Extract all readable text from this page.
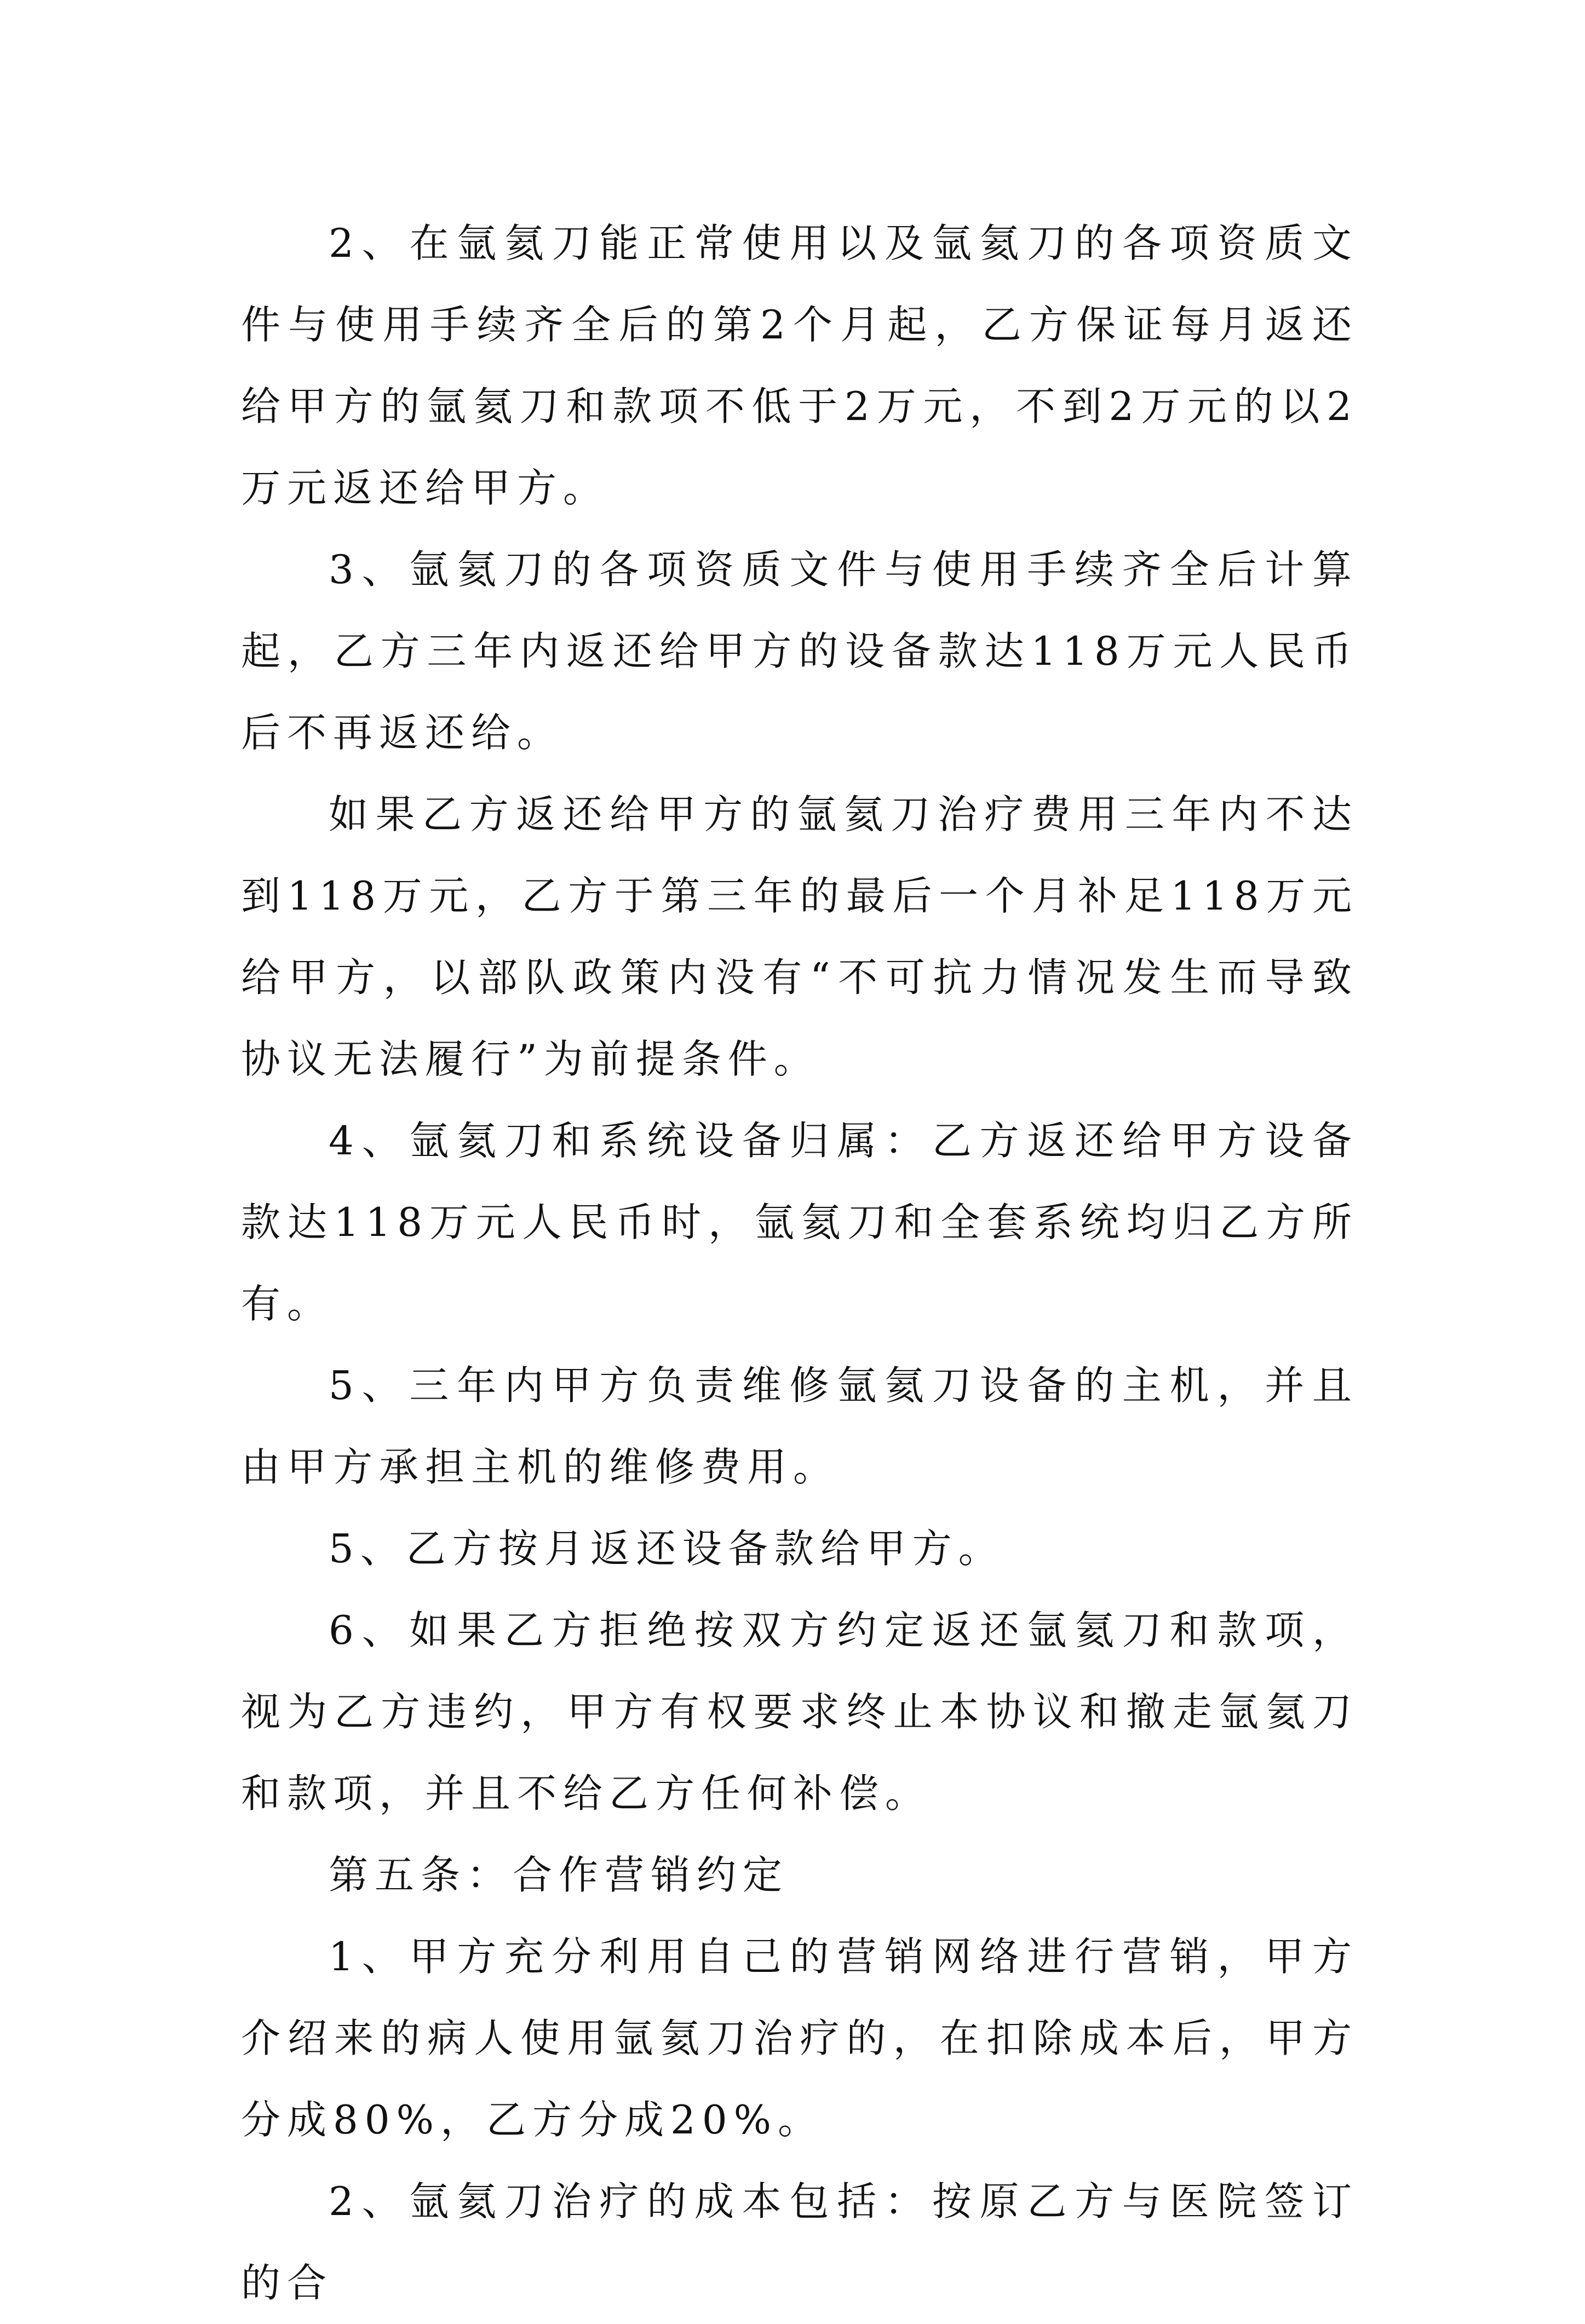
2、在氩氦刀能正常使用以及氩氦刀的各项资质文件与使用手续齐全后的第2个月起，乙方保证每月返还给甲方的氩氦刀和款项不低于2万元，不到2万元的以2万元返还给甲方。

3、氩氦刀的各项资质文件与使用手续齐全后计算起，乙方三年内返还给甲方的设备款达118万元人民币后不再返还给。

如果乙方返还给甲方的氩氦刀治疗费用三年内不达到118万元，乙方于第三年的最后一个月补足118万元给甲方，以部队政策内没有“不可抗力情况发生而导致协议无法履行”为前提条件。

4、氩氦刀和系统设备归属：乙方返还给甲方设备款达118万元人民币时，氩氦刀和全套系统均归乙方所有。

5、三年内甲方负责维修氩氦刀设备的主机，并且由甲方承担主机的维修费用。

5、乙方按月返还设备款给甲方。

6、如果乙方拒绝按双方约定返还氩氦刀和款项，视为乙方违约，甲方有权要求终止本协议和撤走氩氦刀和款项，并且不给乙方任何补偿。

第五条：合作营销约定

1、甲方充分利用自己的营销网络进行营销，甲方介绍来的病人使用氩氦刀治疗的，在扣除成本后，甲方分成80%，乙方分成20%。

2、氩氦刀治疗的成本包括：按原乙方与医院签订的合
